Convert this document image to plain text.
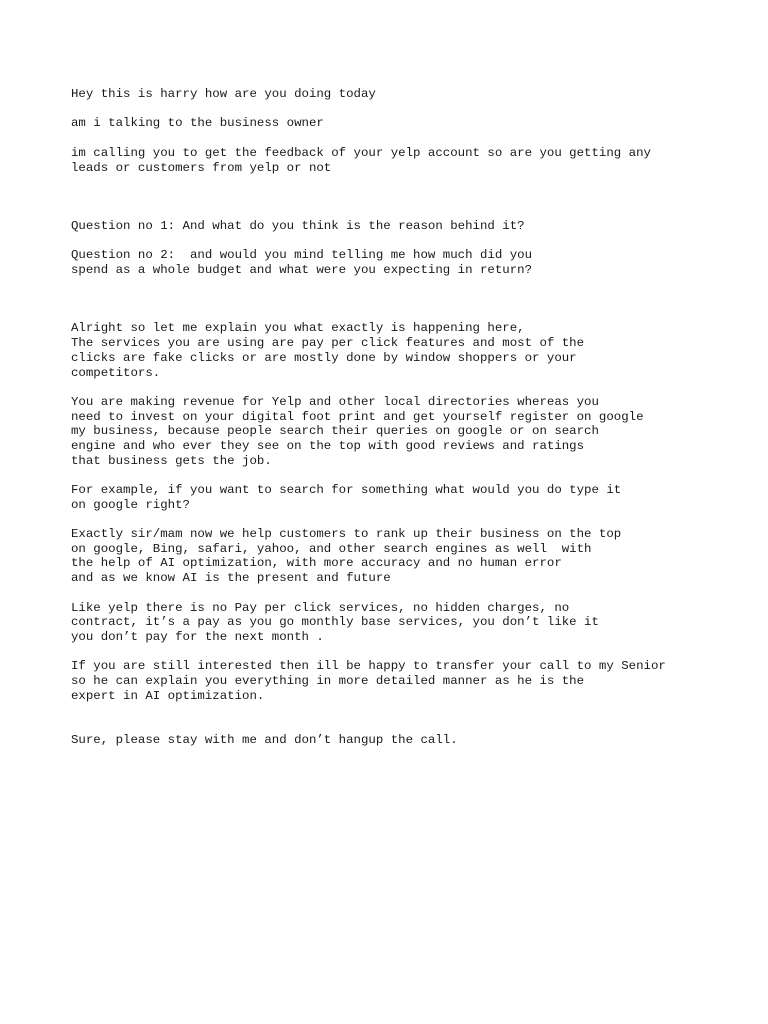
Hey this is harry how are you doing today

am i talking to the business owner

im calling you to get the feedback of your yelp account so are you getting any

leads or customers from yelp or not

Question no 1: And what do you think is the reason behind it?

Question no 2:  and would you mind telling me how much did you

spend as a whole budget and what were you expecting in return?

Alright so let me explain you what exactly is happening here,

The services you are using are pay per click features and most of the

clicks are fake clicks or are mostly done by window shoppers or your

competitors.

You are making revenue for Yelp and other local directories whereas you

need to invest on your digital foot print and get yourself register on google

my business, because people search their queries on google or on search

engine and who ever they see on the top with good reviews and ratings

that business gets the job.

For example, if you want to search for something what would you do type it

on google right?

Exactly sir/mam now we help customers to rank up their business on the top

on google, Bing, safari, yahoo, and other search engines as well  with

the help of AI optimization, with more accuracy and no human error

and as we know AI is the present and future

Like yelp there is no Pay per click services, no hidden charges, no

contract, it’s a pay as you go monthly base services, you don’t like it

you don’t pay for the next month .

If you are still interested then ill be happy to transfer your call to my Senior

so he can explain you everything in more detailed manner as he is the

expert in AI optimization.

Sure, please stay with me and don’t hangup the call.
